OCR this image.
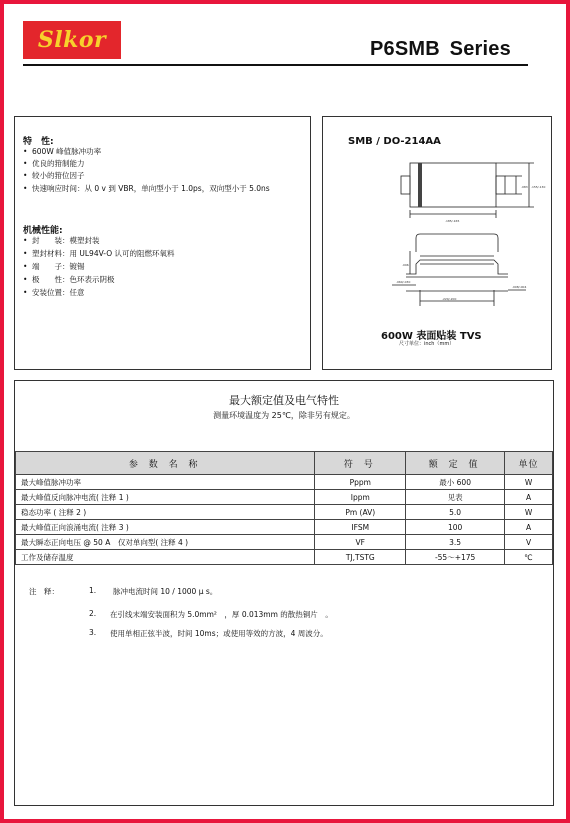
Slkor	P6SMB Series
特　性:
• 600W 峰值脉冲功率
• 优良的箝制能力
• 较小的箝位因子
• 快速响应时间：从 0 v 到 VBR，单向型小于 1.0ps，双向型小于 5.0ns
机械性能:
• 封　　装：模塑封装
• 塑封材料：用 UL94V-O 认可的阻燃环氧料
• 端　　子：镀锡
• 极　　性：色环表示阴极
• 安装位置：任意
SMB / DO-214AA
.185/.165
.083 .155/.130
.096
.060/.030
.220/.200
.008/.004
600W 表面贴装 TVS
尺寸单位：inch（mm）
最大额定值及电气特性
测量环境温度为 25℃，除非另有规定。
参 数 名 称	符 号	额 定 值	单位
最大峰值脉冲功率	Pppm	最小 600	W
最大峰值反向脉冲电流( 注释 1 )	Ippm	见表	A
稳态功率 ( 注释 2 )	Pm (AV)	5.0	W
最大峰值正向浪涌电流( 注释 3 )	IFSM	100	A
最大瞬态正向电压 @ 50 A　仅对单向型( 注释 4 )	VF	3.5	V
工作及储存温度	TJ,TSTG	-55～+175	℃
注　释：	1. 脉冲电流时间 10 / 1000 μ s。
2. 在引线末端安装面积为 5.0mm²　，厚 0.013mm 的散热铜片　。
3. 使用单相正弦半波，时间 10ms；或使用等效的方波，4 周波分。
